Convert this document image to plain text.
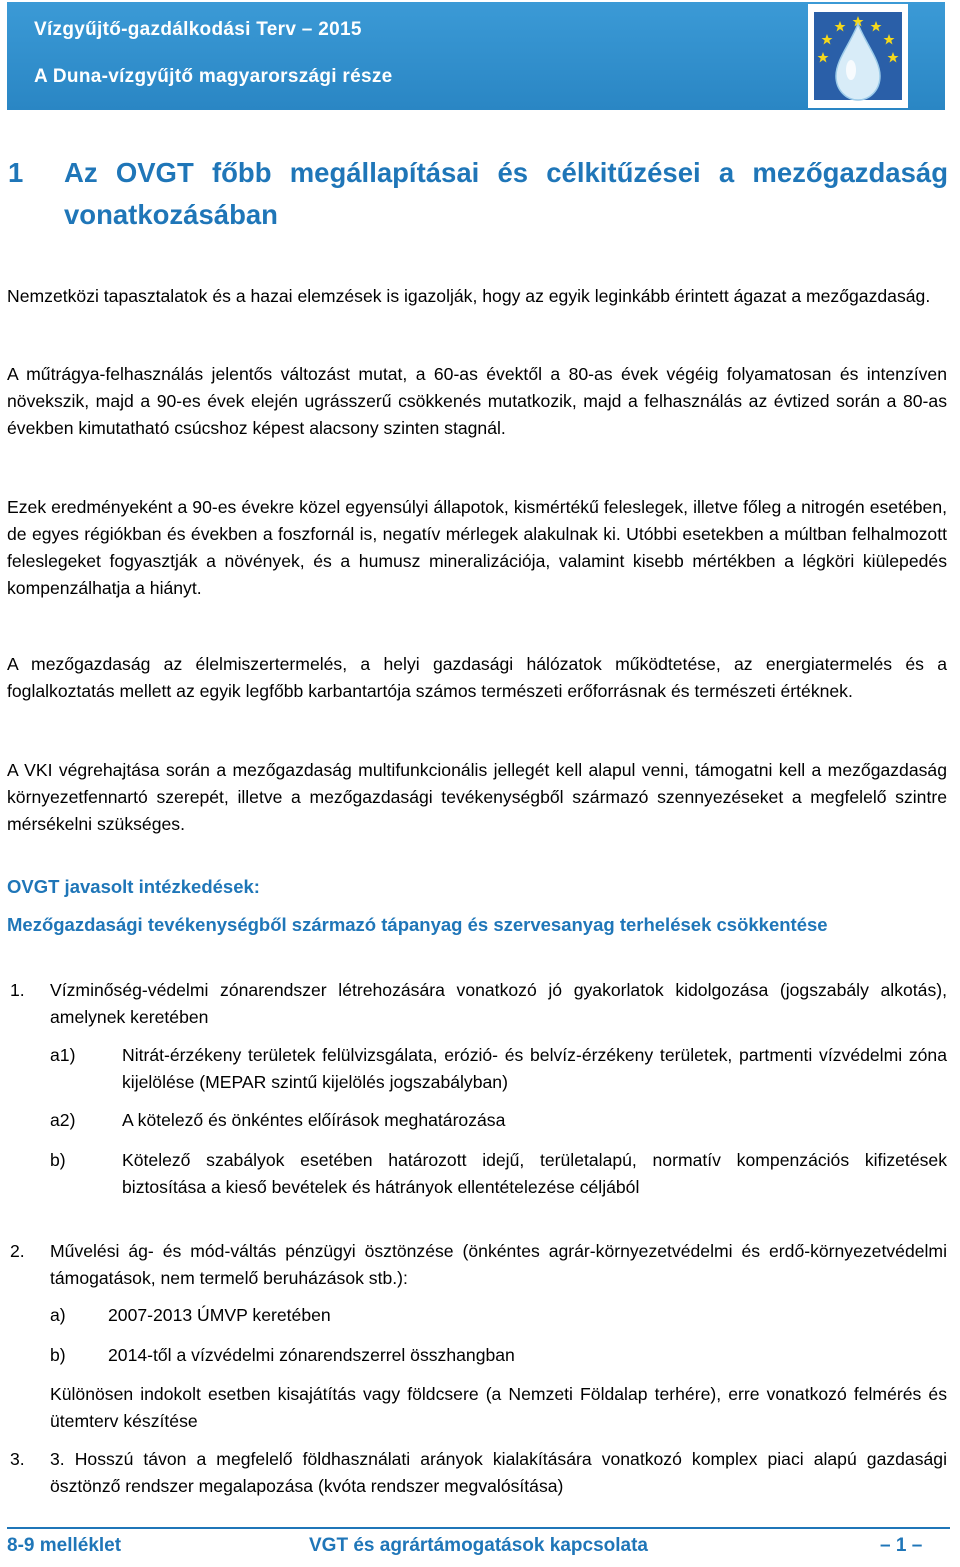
Vízgyűjtő-gazdálkodási Terv – 2015
A Duna-vízgyűjtő magyarországi része
1 Az OVGT főbb megállapításai és célkitűzései a mezőgazdaság vonatkozásában
Nemzetközi tapasztalatok és a hazai elemzések is igazolják, hogy az egyik leginkább érintett ágazat a mezőgazdaság.
A műtrágya-felhasználás jelentős változást mutat, a 60-as évektől a 80-as évek végéig folyamatosan és intenzíven növekszik, majd a 90-es évek elején ugrásszerű csökkenés mutatkozik, majd a felhasználás az évtized során a 80-as években kimutatható csúcshoz képest alacsony szinten stagnál.
Ezek eredményeként a 90-es évekre közel egyensúlyi állapotok, kismértékű feleslegek, illetve főleg a nitrogén esetében, de egyes régiókban és években a foszfornál is, negatív mérlegek alakulnak ki. Utóbbi esetekben a múltban felhalmozott feleslegeket fogyasztják a növények, és a humusz mineralizációja, valamint kisebb mértékben a légköri kiülepedés kompenzálhatja a hiányt.
A mezőgazdaság az élelmiszertermelés, a helyi gazdasági hálózatok működtetése, az energiatermelés és a foglalkoztatás mellett az egyik legfőbb karbantartója számos természeti erőforrásnak és természeti értéknek.
A VKI végrehajtása során a mezőgazdaság multifunkcionális jellegét kell alapul venni, támogatni kell a mezőgazdaság környezetfennartó szerepét, illetve a mezőgazdasági tevékenységből származó szennyezéseket a megfelelő szintre mérsékelni szükséges.
OVGT javasolt intézkedések:
Mezőgazdasági tevékenységből származó tápanyag és szervesanyag terhelések csökkentése
1. Vízminőség-védelmi zónarendszer létrehozására vonatkozó jó gyakorlatok kidolgozása (jogszabály alkotás), amelynek keretében
a1)	Nitrát-érzékeny területek felülvizsgálata, erózió- és belvíz-érzékeny területek, partmenti vízvédelmi zóna kijelölése (MEPAR szintű kijelölés jogszabályban)
a2)	A kötelező és önkéntes előírások meghatározása
b)	Kötelező szabályok esetében határozott idejű, területalapú, normatív kompenzációs kifizetések biztosítása a kieső bevételek és hátrányok ellentételezése céljából
2. Művelési ág- és mód-váltás pénzügyi ösztönzése (önkéntes agrár-környezetvédelmi és erdő-környezetvédelmi támogatások, nem termelő beruházások stb.):
a) 2007-2013 ÚMVP keretében
b) 2014-től a vízvédelmi zónarendszerrel összhangban
Különösen indokolt esetben kisajátítás vagy földcsere (a Nemzeti Földalap terhére), erre vonatkozó felmérés és ütemterv készítése
3. 3. Hosszú távon a megfelelő földhasználati arányok kialakítására vonatkozó komplex piaci alapú gazdasági ösztönző rendszer megalapozása (kvóta rendszer megvalósítása)
8-9 melléklet	VGT és agrártámogatások kapcsolata	– 1 –
